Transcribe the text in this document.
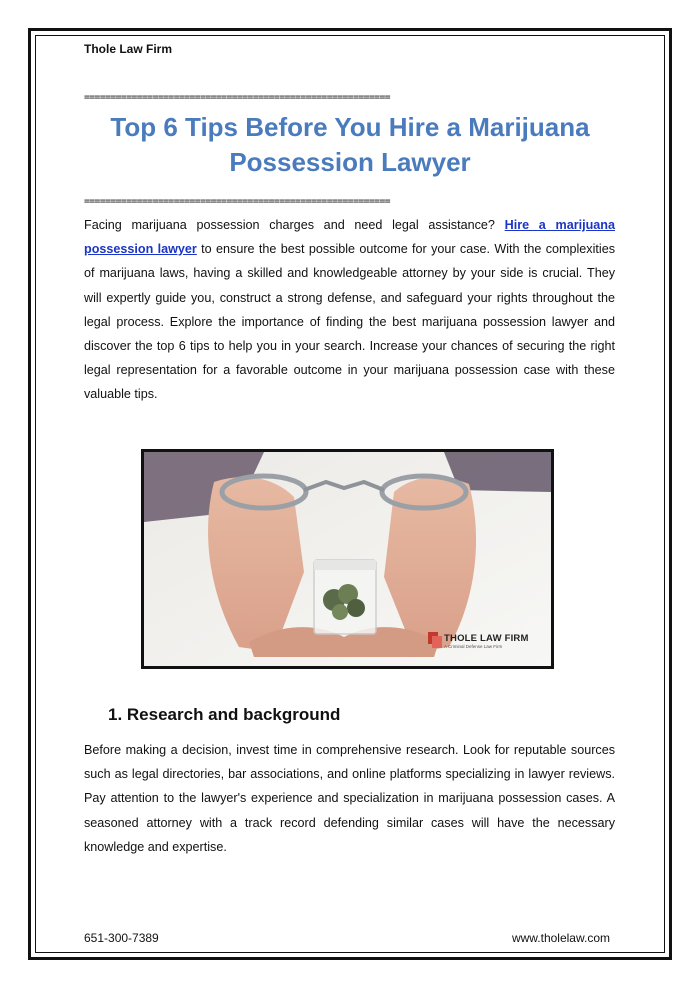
Thole Law Firm
==========================================================
Top 6 Tips Before You Hire a Marijuana
Possession Lawyer
==========================================================
Facing marijuana possession charges and need legal assistance? Hire a marijuana possession lawyer to ensure the best possible outcome for your case. With the complexities of marijuana laws, having a skilled and knowledgeable attorney by your side is crucial. They will expertly guide you, construct a strong defense, and safeguard your rights throughout the legal process. Explore the importance of finding the best marijuana possession lawyer and discover the top 6 tips to help you in your search. Increase your chances of securing the right legal representation for a favorable outcome in your marijuana possession case with these valuable tips.
THOLE LAW FIRM
A Criminal Defense Law Firm
1. Research and background
Before making a decision, invest time in comprehensive research. Look for reputable sources such as legal directories, bar associations, and online platforms specializing in lawyer reviews. Pay attention to the lawyer's experience and specialization in marijuana possession cases. A seasoned attorney with a track record defending similar cases will have the necessary knowledge and expertise.
651-300-7389	www.tholelaw.com
